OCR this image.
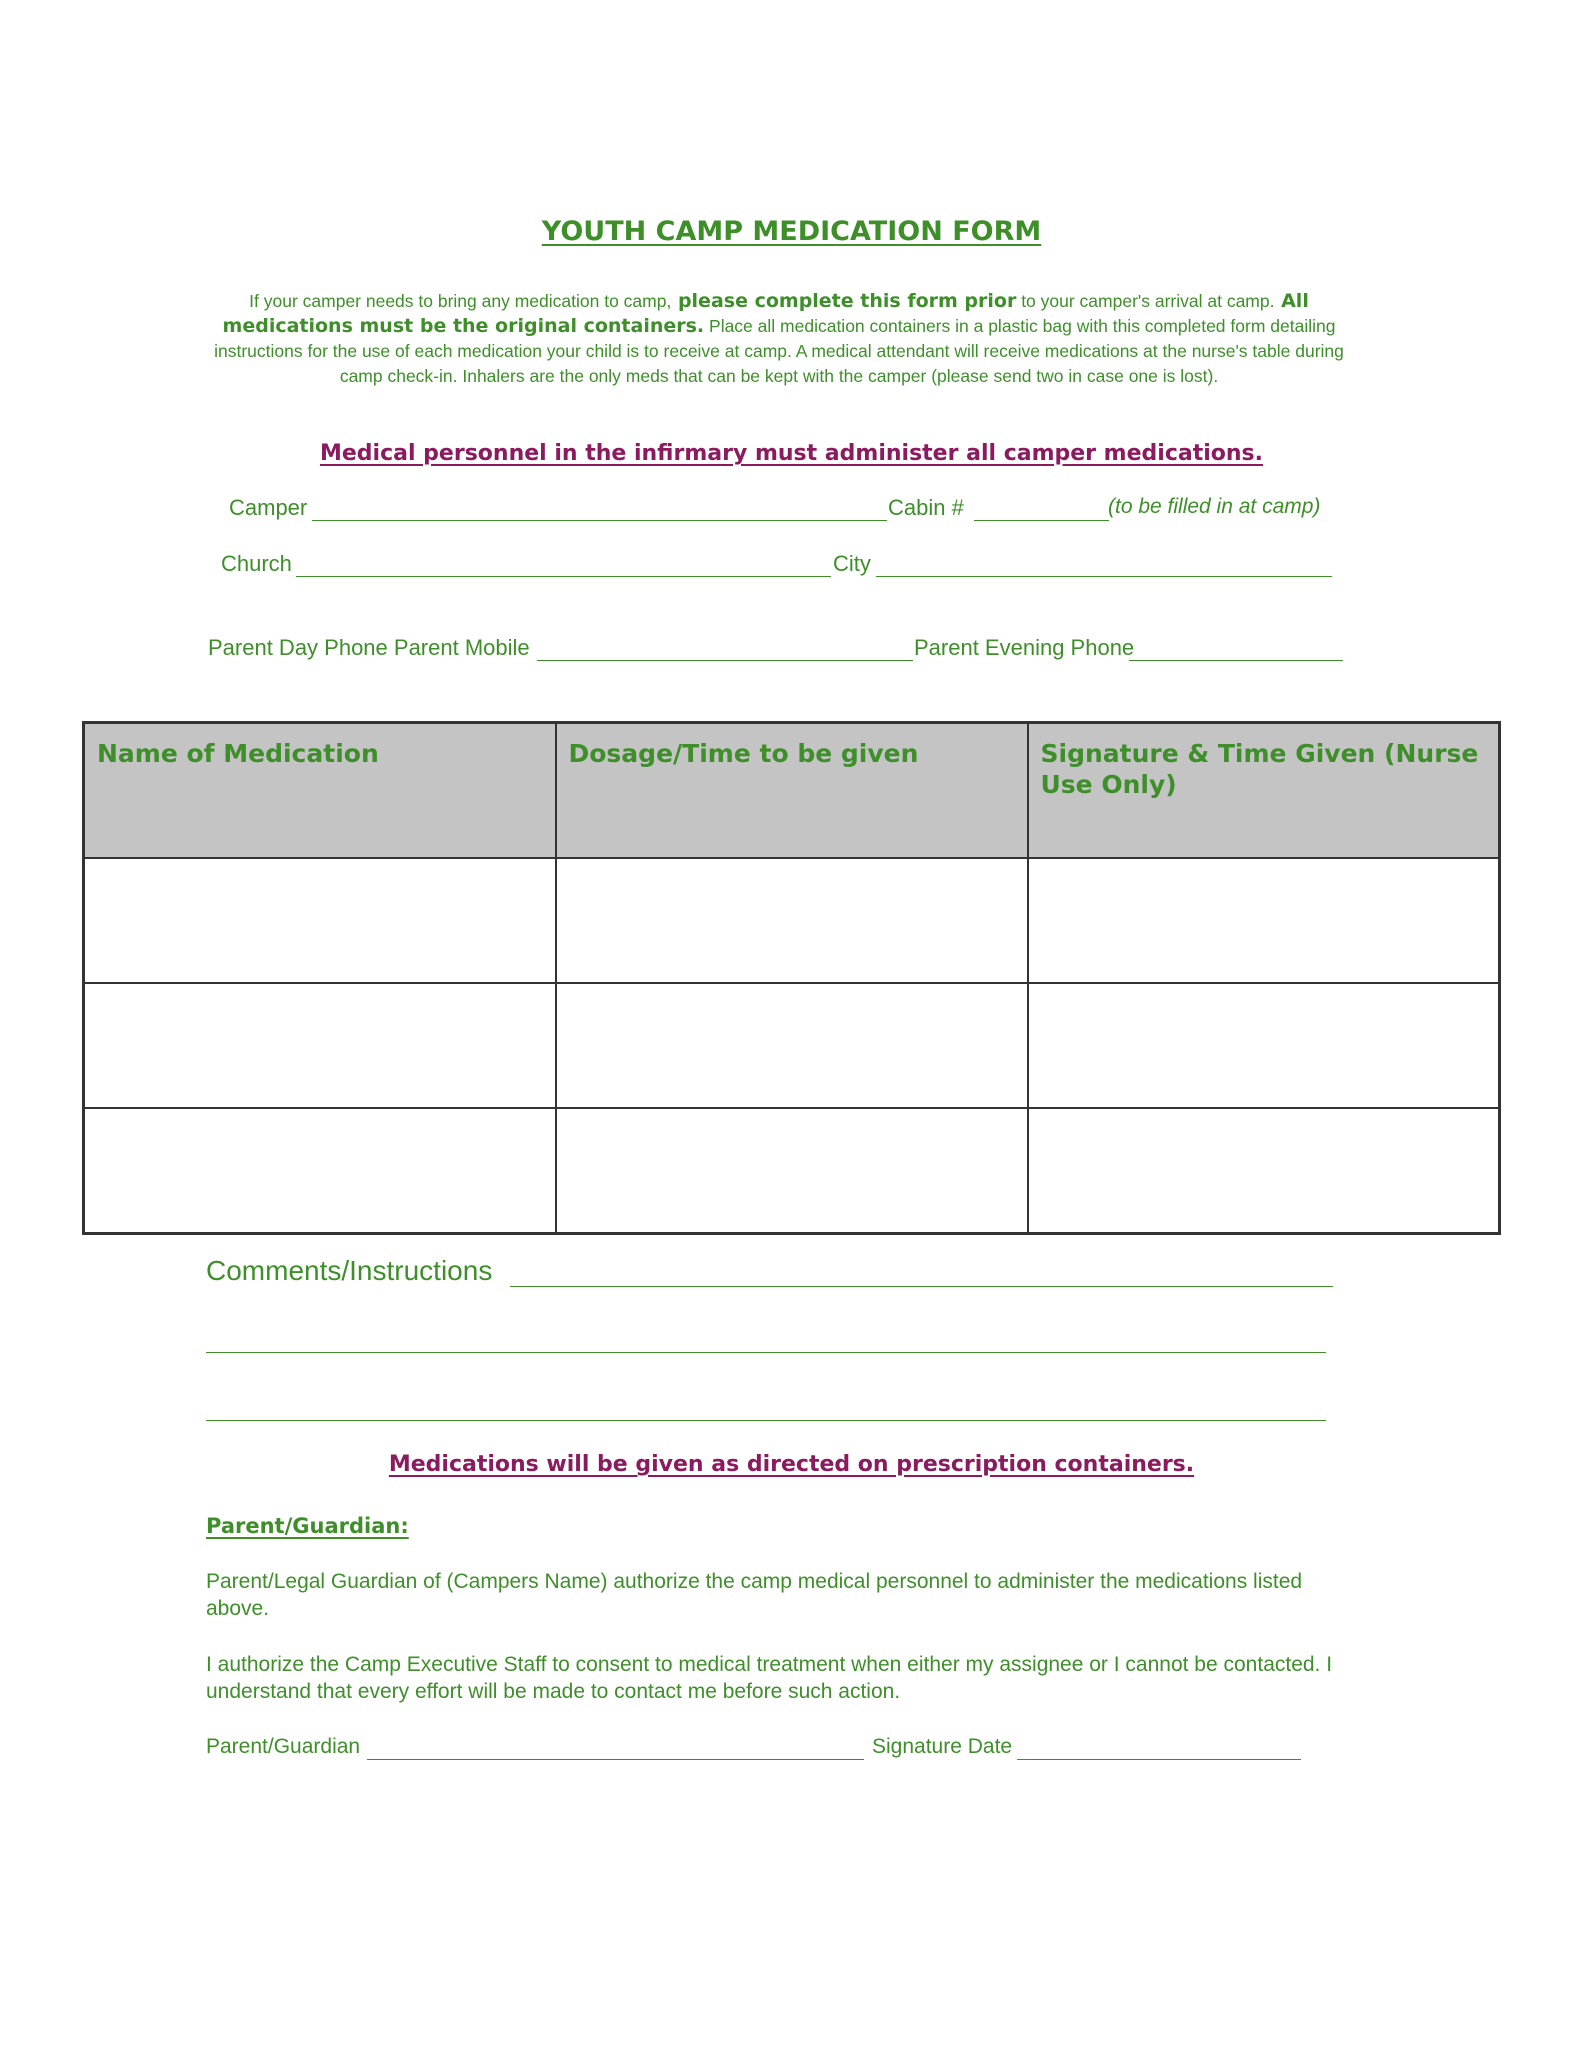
YOUTH CAMP MEDICATION FORM
If your camper needs to bring any medication to camp, please complete this form prior to your camper's arrival at camp. All medications must be the original containers. Place all medication containers in a plastic bag with this completed form detailing instructions for the use of each medication your child is to receive at camp. A medical attendant will receive medications at the nurse's table during camp check-in. Inhalers are the only meds that can be kept with the camper (please send two in case one is lost).
Medical personnel in the infirmary must administer all camper medications.
Camper	Cabin #	(to be filled in at camp)
Church	City
Parent Day Phone Parent Mobile	Parent Evening Phone
Name of Medication	Dosage/Time to be given	Signature & Time Given (Nurse Use Only)

Comments/Instructions
Medications will be given as directed on prescription containers.
Parent/Guardian:
Parent/Legal Guardian of (Campers Name) authorize the camp medical personnel to administer the medications listed above.
I authorize the Camp Executive Staff to consent to medical treatment when either my assignee or I cannot be contacted. I understand that every effort will be made to contact me before such action.
Parent/Guardian	Signature Date
